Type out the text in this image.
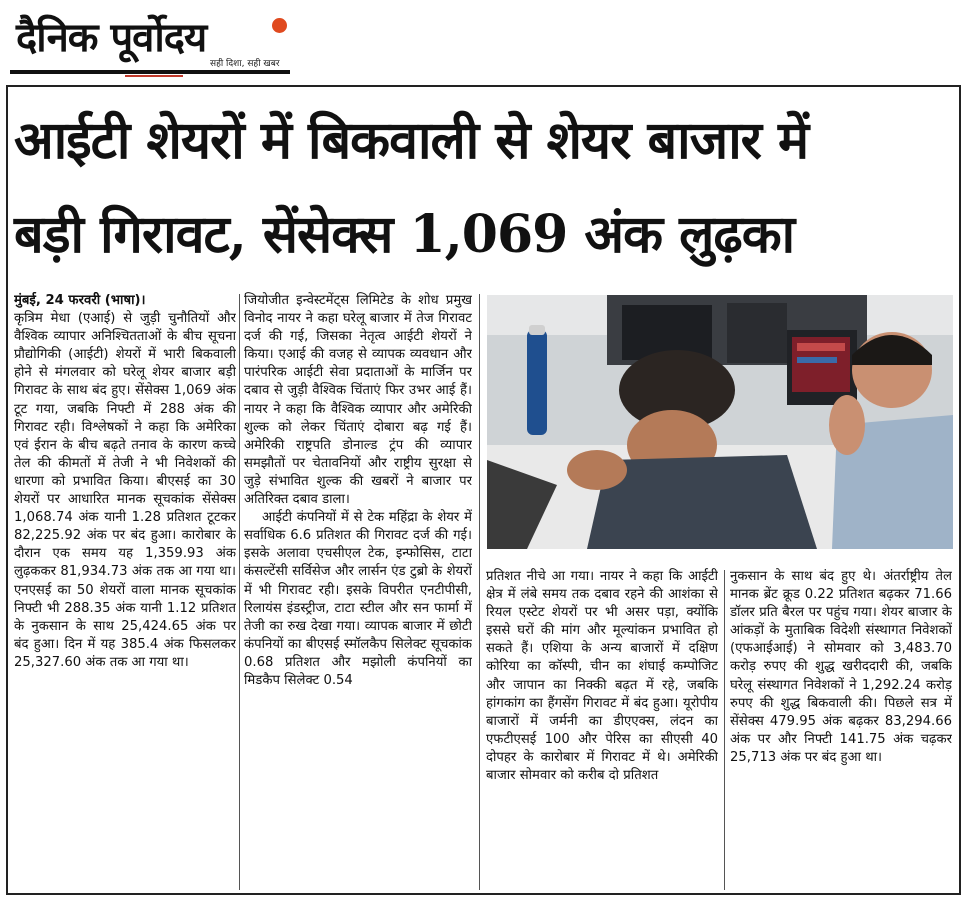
दैनिक पूर्वोदय
सही दिशा, सही खबर
आईटी शेयरों में बिकवाली से शेयर बाजार में
बड़ी गिरावट, सेंसेक्स 1,069 अंक लुढ़का

मुंबई, 24 फरवरी (भाषा)।
कृत्रिम मेधा (एआई) से जुड़ी चुनौतियों और वैश्विक व्यापार अनिश्चितताओं के बीच सूचना प्रौद्योगिकी (आईटी) शेयरों में भारी बिकवाली होने से मंगलवार को घरेलू शेयर बाजार बड़ी गिरावट के साथ बंद हुए। सेंसेक्स 1,069 अंक टूट गया, जबकि निफ्टी में 288 अंक की गिरावट रही। विश्लेषकों ने कहा कि अमेरिका एवं ईरान के बीच बढ़ते तनाव के कारण कच्चे तेल की कीमतों में तेजी ने भी निवेशकों की धारणा को प्रभावित किया। बीएसई का 30 शेयरों पर आधारित मानक सूचकांक सेंसेक्स 1,068.74 अंक यानी 1.28 प्रतिशत टूटकर 82,225.92 अंक पर बंद हुआ। कारोबार के दौरान एक समय यह 1,359.93 अंक लुढ़ककर 81,934.73 अंक तक आ गया था। एनएसई का 50 शेयरों वाला मानक सूचकांक निफ्टी भी 288.35 अंक यानी 1.12 प्रतिशत के नुकसान के साथ 25,424.65 अंक पर बंद हुआ। दिन में यह 385.4 अंक फिसलकर 25,327.60 अंक तक आ गया था।

जियोजीत इन्वेस्टमेंट्स लिमिटेड के शोध प्रमुख विनोद नायर ने कहा घरेलू बाजार में तेज गिरावट दर्ज की गई, जिसका नेतृत्व आईटी शेयरों ने किया। एआई की वजह से व्यापक व्यवधान और पारंपरिक आईटी सेवा प्रदाताओं के मार्जिन पर दबाव से जुड़ी वैश्विक चिंताएं फिर उभर आई हैं। नायर ने कहा कि वैश्विक व्यापार और अमेरिकी शुल्क को लेकर चिंताएं दोबारा बढ़ गई हैं। अमेरिकी राष्ट्रपति डोनाल्ड ट्रंप की व्यापार समझौतों पर चेतावनियों और राष्ट्रीय सुरक्षा से जुड़े संभावित शुल्क की खबरों ने बाजार पर अतिरिक्त दबाव डाला।

आईटी कंपनियों में से टेक महिंद्रा के शेयर में सर्वाधिक 6.6 प्रतिशत की गिरावट दर्ज की गई। इसके अलावा एचसीएल टेक, इन्फोसिस, टाटा कंसल्टेंसी सर्विसेज और लार्सन एंड टुब्रो के शेयरों में भी गिरावट रही। इसके विपरीत एनटीपीसी, रिलायंस इंडस्ट्रीज, टाटा स्टील और सन फार्मा में तेजी का रुख देखा गया। व्यापक बाजार में छोटी कंपनियों का बीएसई स्मॉलकैप सिलेक्ट सूचकांक 0.68 प्रतिशत और मझोली कंपनियों का मिडकैप सिलेक्ट 0.54

प्रतिशत नीचे आ गया। नायर ने कहा कि आईटी क्षेत्र में लंबे समय तक दबाव रहने की आशंका से रियल एस्टेट शेयरों पर भी असर पड़ा, क्योंकि इससे घरों की मांग और मूल्यांकन प्रभावित हो सकते हैं। एशिया के अन्य बाजारों में दक्षिण कोरिया का कॉस्पी, चीन का शंघाई कम्पोजिट और जापान का निक्की बढ़त में रहे, जबकि हांगकांग का हैंगसेंग गिरावट में बंद हुआ। यूरोपीय बाजारों में जर्मनी का डीएएक्स, लंदन का एफटीएसई 100 और पेरिस का सीएसी 40 दोपहर के कारोबार में गिरावट में थे। अमेरिकी बाजार सोमवार को करीब दो प्रतिशत

नुकसान के साथ बंद हुए थे। अंतर्राष्ट्रीय तेल मानक ब्रेंट क्रूड 0.22 प्रतिशत बढ़कर 71.66 डॉलर प्रति बैरल पर पहुंच गया। शेयर बाजार के आंकड़ों के मुताबिक विदेशी संस्थागत निवेशकों (एफआईआई) ने सोमवार को 3,483.70 करोड़ रुपए की शुद्ध खरीददारी की, जबकि घरेलू संस्थागत निवेशकों ने 1,292.24 करोड़ रुपए की शुद्ध बिकवाली की। पिछले सत्र में सेंसेक्स 479.95 अंक बढ़कर 83,294.66 अंक पर और निफ्टी 141.75 अंक चढ़कर 25,713 अंक पर बंद हुआ था।
